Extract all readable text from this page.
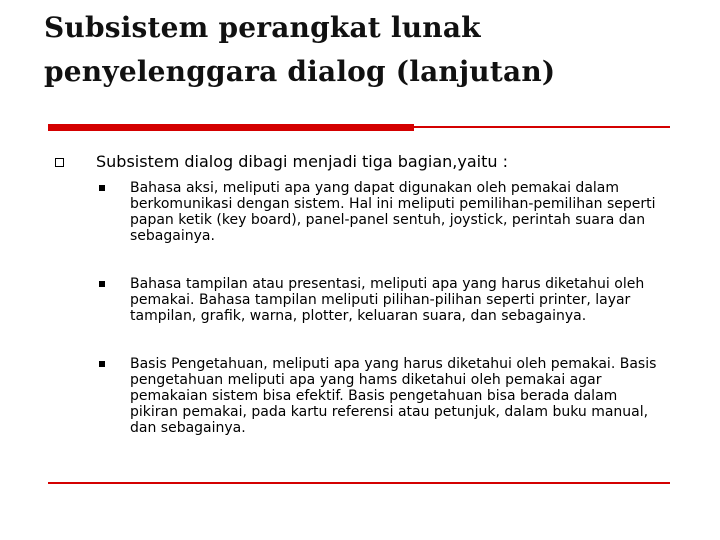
Subsistem perangkat lunak
penyelenggara dialog (lanjutan)
Subsistem dialog dibagi menjadi tiga bagian,yaitu :
Bahasa aksi, meliputi apa yang dapat digunakan oleh pemakai dalam berkomunikasi dengan sistem. Hal ini meliputi pemilihan-pemilihan seperti papan ketik (key board), panel-panel sentuh, joystick, perintah suara dan sebagainya.
Bahasa tampilan atau presentasi, meliputi apa yang harus diketahui oleh pemakai. Bahasa tampilan meliputi pilihan-pilihan seperti printer, layar tampilan, grafik, warna, plotter, keluaran suara, dan sebagainya.
Basis Pengetahuan, meliputi apa yang harus diketahui oleh pemakai. Basis pengetahuan meliputi apa yang hams diketahui oleh pemakai agar pemakaian sistem bisa efektif. Basis pengetahuan bisa berada dalam pikiran pemakai, pada kartu referensi atau petunjuk, dalam buku manual, dan sebagainya.
